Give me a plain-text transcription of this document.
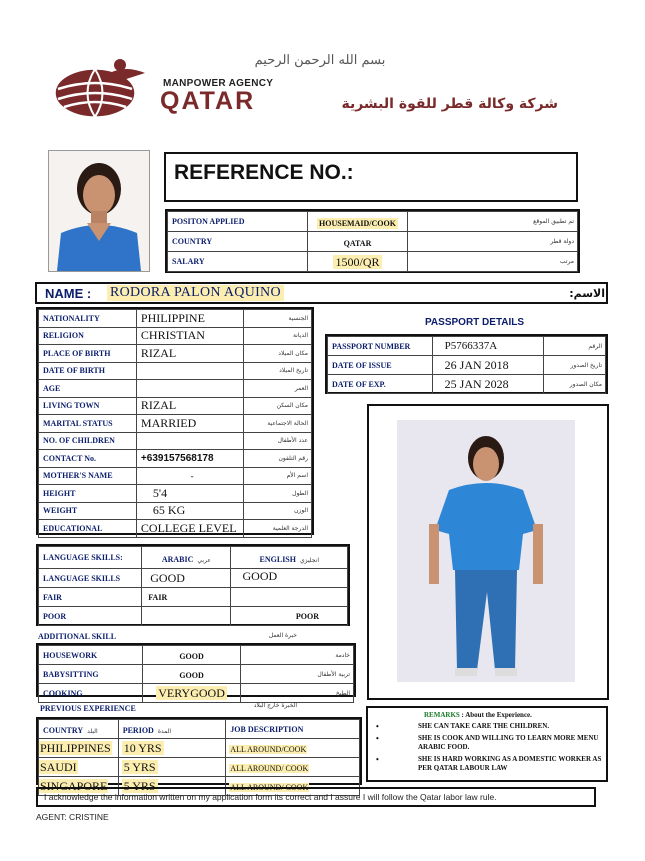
بسم الله الرحمن الرحيم
MANPOWER AGENCY
QATAR	شركة وكالة قطر للقوة البشرية
REFERENCE NO.:
POSITON APPLIED	HOUSEMAID/COOK	تم تطبيق الموقع
COUNTRY	QATAR	دولة قطر
SALARY	1500/QR	مرتب
NAME : RODORA PALON AQUINO	الاسم:
NATIONALITY	PHILIPPINE	الجنسية
RELIGION	CHRISTIAN	الديانة
PLACE OF BIRTH	RIZAL	مكان الميلاد
DATE OF BIRTH		تاريخ الميلاد
AGE		العمر
LIVING TOWN	RIZAL	مكان السكن
MARITAL STATUS	MARRIED	الحالة الاجتماعية
NO. OF CHILDREN		عدد الأطفال
CONTACT No.	+639157568178	رقم التلفون
MOTHER'S NAME	-	اسم الأم
HEIGHT	5'4	الطول
WEIGHT	65 KG	الوزن
EDUCATIONAL	COLLEGE LEVEL	الدرجة العلمية
PASSPORT DETAILS
PASSPORT NUMBER	P5766337A	الرقم
DATE OF ISSUE	26 JAN 2018	تاريخ الصدور
DATE OF EXP.	25 JAN 2028	مكان الصدور
LANGUAGE SKILLS:	ARABIC عربي	ENGLISH انجليزي
LANGUAGE SKILLS	GOOD	GOOD
FAIR	FAIR	
POOR		POOR
ADDITIONAL SKILL	خبرة العمل
HOUSEWORK	GOOD	خادمة
BABYSITTING	GOOD	تربية الأطفال
COOKING	VERYGOOD	الطبخ
PREVIOUS EXPERIENCE	الخبرة خارج البلاد
COUNTRY البلد	PERIOD المدة	JOB DESCRIPTION
PHILIPPINES	10 YRS	ALL AROUND/COOK
SAUDI	5 YRS	ALL AROUND/ COOK
SINGAPORE	5 YRS	ALL AROUND/ COOK
REMARKS : About the Experience.
•	SHE CAN TAKE CARE THE CHILDREN.
•	SHE IS COOK AND WILLING TO LEARN MORE MENU ARABIC FOOD.
•	SHE IS HARD WORKING AS A DOMESTIC WORKER AS PER QATAR LABOUR LAW
I acknowledge the information written on my application form its correct and I assure I will follow the Qatar labor law rule.
AGENT: CRISTINE
